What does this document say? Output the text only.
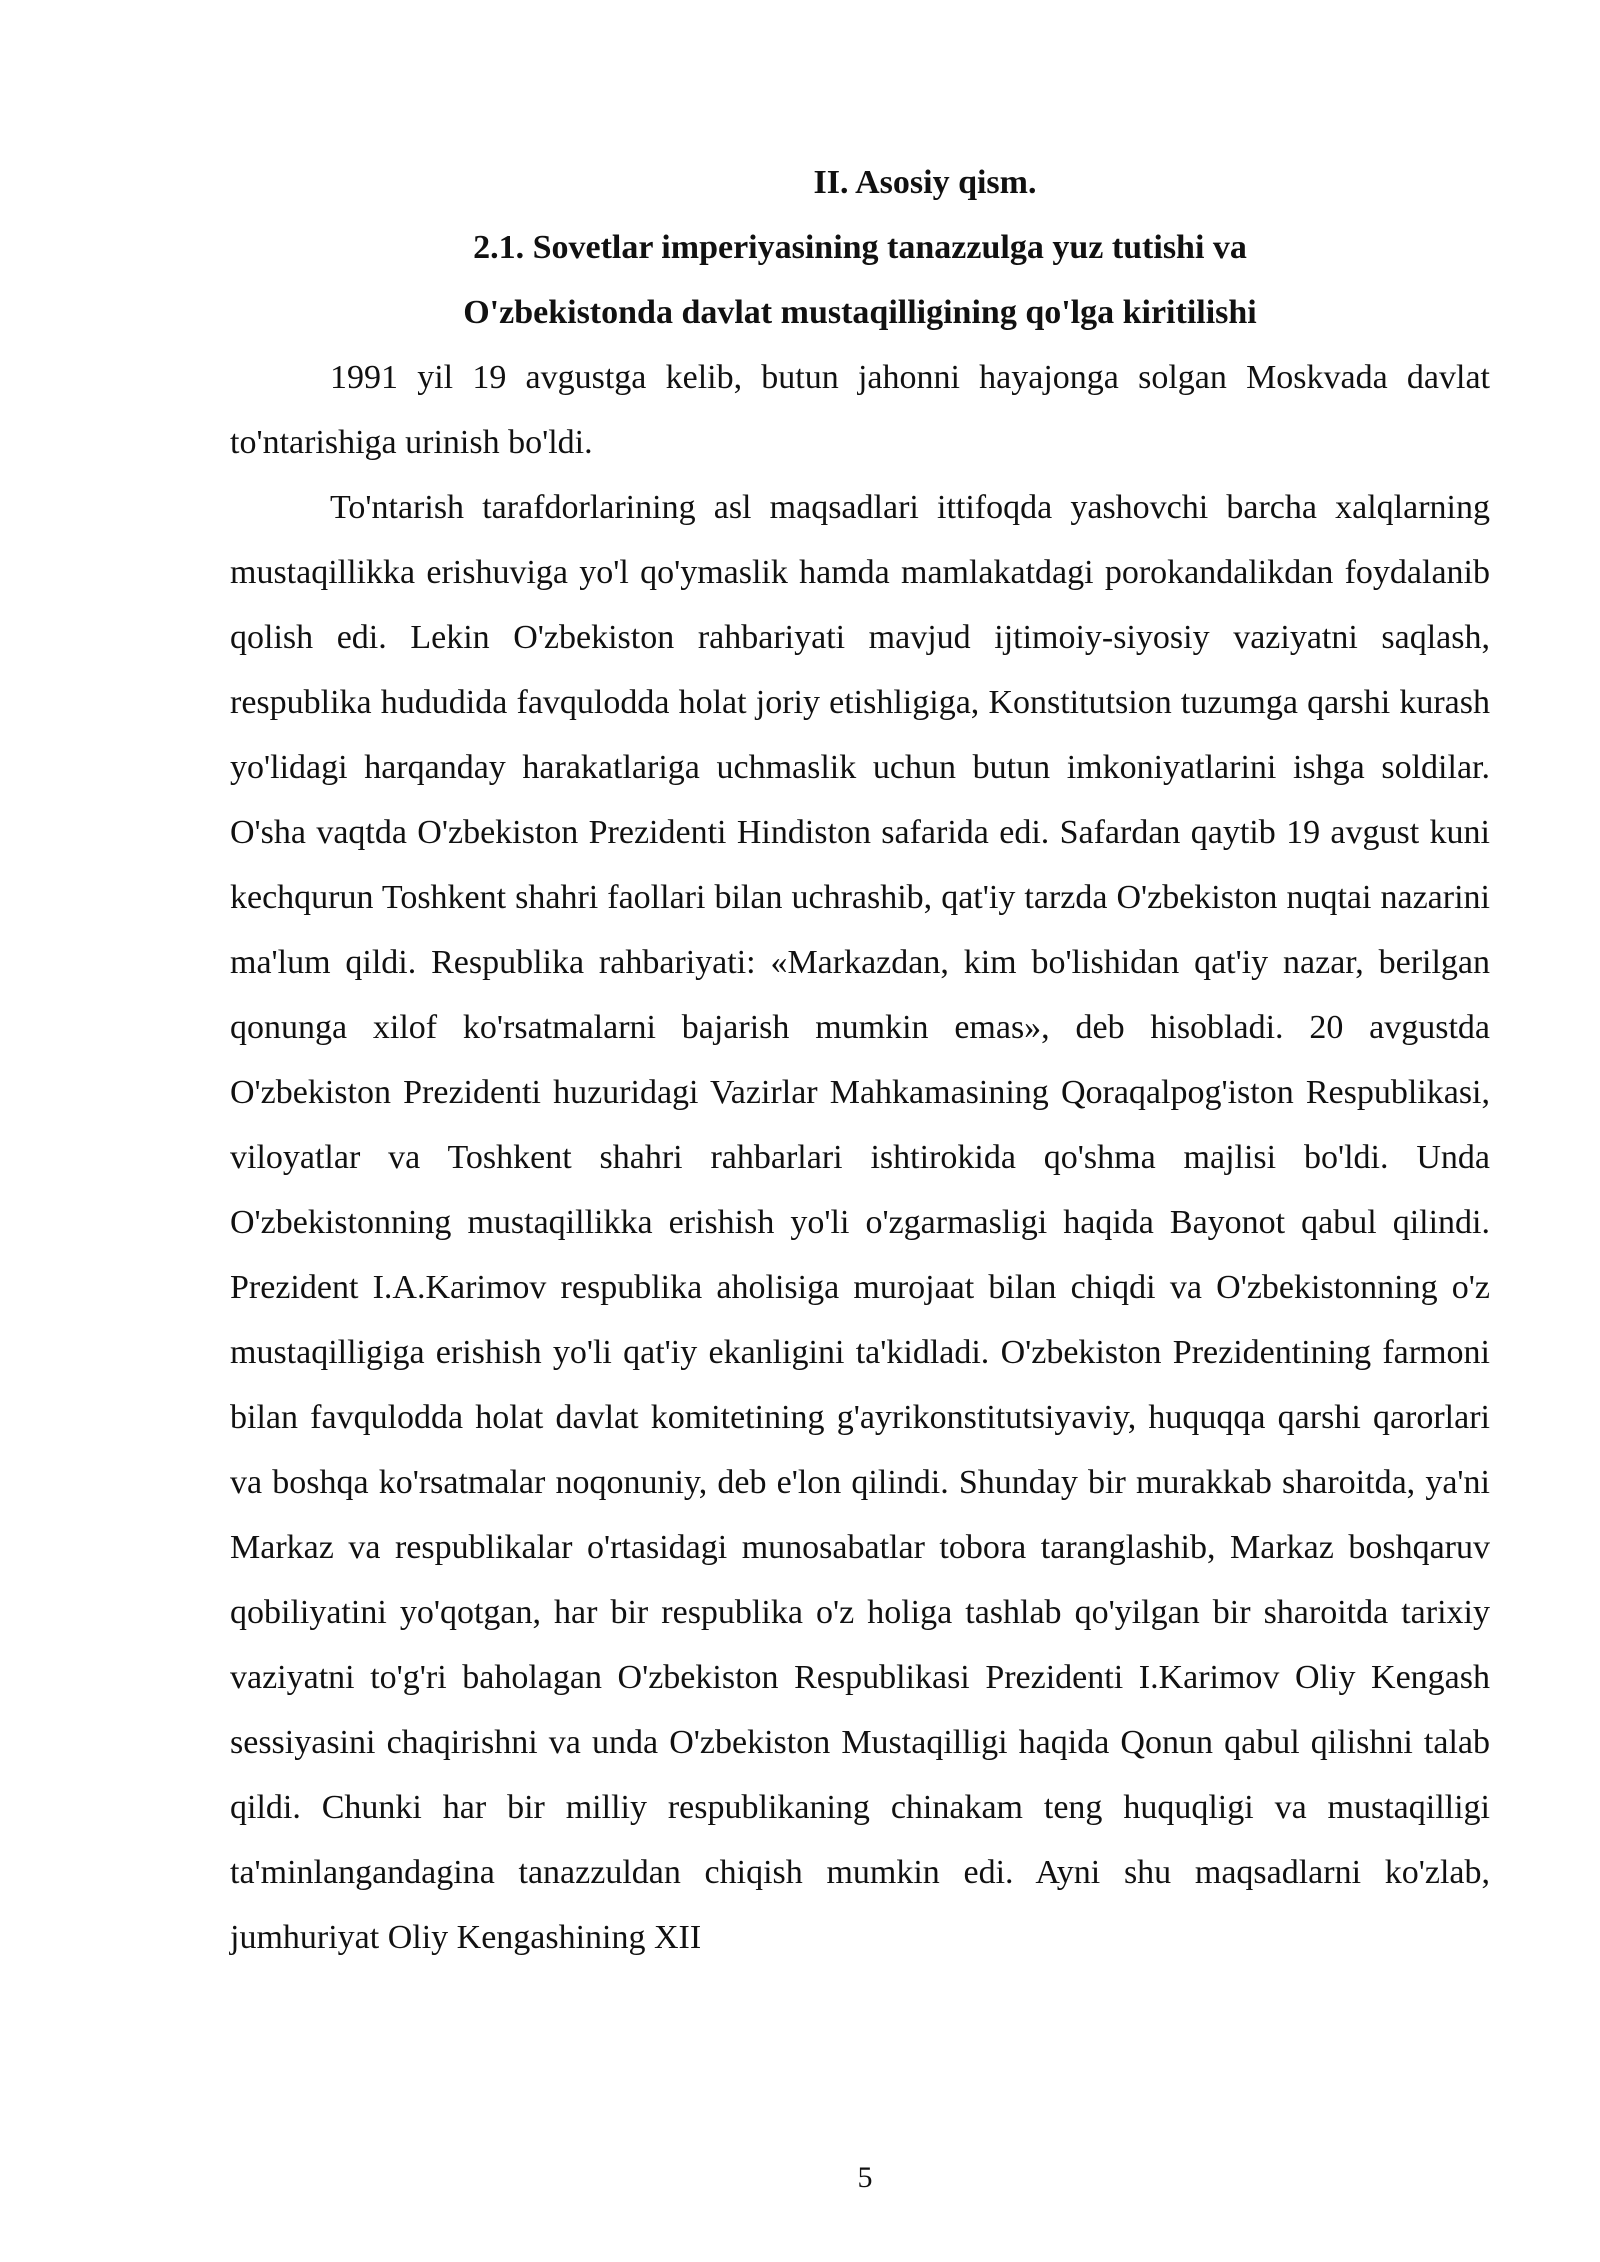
II. Asosiy qism.
2.1. Sovetlar imperiyasining tanazzulga yuz tutishi va
O'zbekistonda davlat mustaqilligining qo'lga kiritilishi

1991 yil 19 avgustga kelib, butun jahonni hayajonga solgan Moskvada davlat to'ntarishiga urinish bo'ldi.

To'ntarish tarafdorlarining asl maqsadlari ittifoqda yashovchi barcha xalqlarning mustaqillikka erishuviga yo'l qo'ymaslik hamda mamlakatdagi porokandalikdan foydalanib qolish edi. Lekin O'zbekiston rahbariyati mavjud ijtimoiy-siyosiy vaziyatni saqlash, respublika hududida favqulodda holat joriy etishligiga, Konstitutsion tuzumga qarshi kurash yo'lidagi harqanday harakatlariga uchmaslik uchun butun imkoniyatlarini ishga soldilar. O'sha vaqtda O'zbekiston Prezidenti Hindiston safarida edi. Safardan qaytib 19 avgust kuni kechqurun Toshkent shahri faollari bilan uchrashib, qat'iy tarzda O'zbekiston nuqtai nazarini ma'lum qildi. Respublika rahbariyati: «Markazdan, kim bo'lishidan qat'iy nazar, berilgan qonunga xilof ko'rsatmalarni bajarish mumkin emas», deb hisobladi. 20 avgustda O'zbekiston Prezidenti huzuridagi Vazirlar Mahkamasining Qoraqalpog'iston Respublikasi, viloyatlar va Toshkent shahri rahbarlari ishtirokida qo'shma majlisi bo'ldi. Unda O'zbekistonning mustaqillikka erishish yo'li o'zgarmasligi haqida Bayonot qabul qilindi. Prezident I.A.Karimov respublika aholisiga murojaat bilan chiqdi va O'zbekistonning o'z mustaqilligiga erishish yo'li qat'iy ekanligini ta'kidladi. O'zbekiston Prezidentining farmoni bilan favqulodda holat davlat komitetining g'ayrikonstitutsiyaviy, huquqqa qarshi qarorlari va boshqa ko'rsatmalar noqonuniy, deb e'lon qilindi. Shunday bir murakkab sharoitda, ya'ni Markaz va respublikalar o'rtasidagi munosabatlar tobora taranglashib, Markaz boshqaruv qobiliyatini yo'qotgan, har bir respublika o'z holiga tashlab qo'yilgan bir sharoitda tarixiy vaziyatni to'g'ri baholagan O'zbekiston Respublikasi Prezidenti I.Karimov Oliy Kengash sessiyasini chaqirishni va unda O'zbekiston Mustaqilligi haqida Qonun qabul qilishni talab qildi. Chunki har bir milliy respublikaning chinakam teng huquqligi va mustaqilligi ta'minlangandagina tanazzuldan chiqish mumkin edi. Ayni shu maqsadlarni ko'zlab, jumhuriyat Oliy Kengashining XII

5
